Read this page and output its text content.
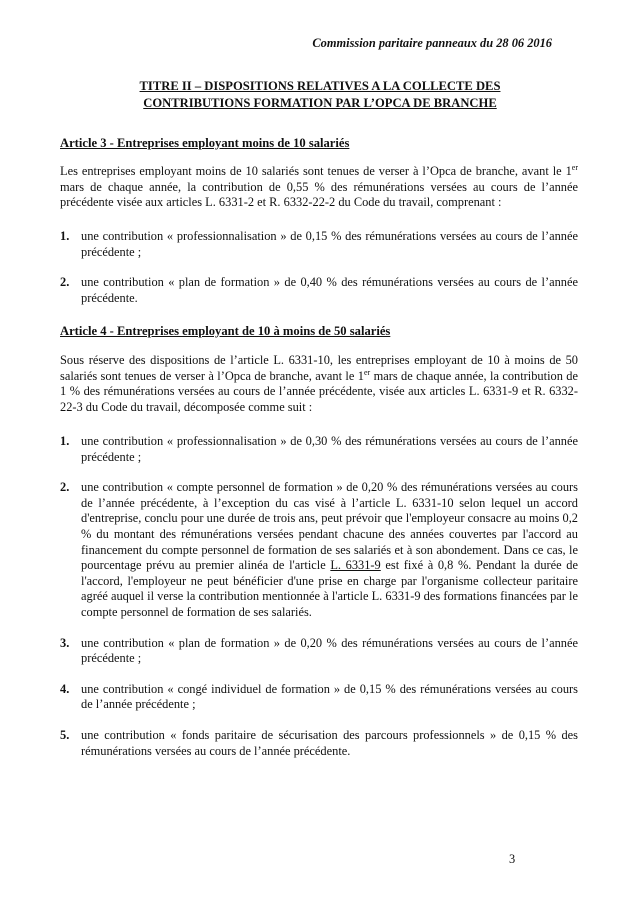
Commission paritaire panneaux du 28 06 2016
TITRE II – DISPOSITIONS RELATIVES A LA COLLECTE DES
CONTRIBUTIONS FORMATION PAR L’OPCA DE BRANCHE
Article 3 - Entreprises employant moins de 10 salariés

Les entreprises employant moins de 10 salariés sont tenues de verser à l’Opca de branche, avant le 1er mars de chaque année, la contribution de 0,55 % des rémunérations versées au cours de l’année précédente visée aux articles L. 6331-2 et R. 6332-22-2 du Code du travail, comprenant :

1. une contribution « professionnalisation » de 0,15 % des rémunérations versées au cours de l’année précédente ;
2. une contribution « plan de formation » de 0,40 % des rémunérations versées au cours de l’année précédente.
Article 4 - Entreprises employant de 10 à moins de 50 salariés

Sous réserve des dispositions de l’article L. 6331-10, les entreprises employant de 10 à moins de 50 salariés sont tenues de verser à l’Opca de branche, avant le 1er mars de chaque année, la contribution de 1 % des rémunérations versées au cours de l’année précédente, visée aux articles L. 6331-9 et R. 6332-22-3 du Code du travail, décomposée comme suit :

1. une contribution « professionnalisation » de 0,30 % des rémunérations versées au cours de l’année précédente ;
2. une contribution « compte personnel de formation » de 0,20 % des rémunérations versées au cours de l’année précédente, à l’exception du cas visé à l’article L. 6331-10 selon lequel un accord d'entreprise, conclu pour une durée de trois ans, peut prévoir que l'employeur consacre au moins 0,2 % du montant des rémunérations versées pendant chacune des années couvertes par l'accord au financement du compte personnel de formation de ses salariés et à son abondement. Dans ce cas, le pourcentage prévu au premier alinéa de l'article L. 6331-9 est fixé à 0,8 %. Pendant la durée de l'accord, l'employeur ne peut bénéficier d'une prise en charge par l'organisme collecteur paritaire agréé auquel il verse la contribution mentionnée à l'article L. 6331-9 des formations financées par le compte personnel de formation de ses salariés.
3. une contribution « plan de formation » de 0,20 % des rémunérations versées au cours de l’année précédente ;
4. une contribution « congé individuel de formation » de 0,15 % des rémunérations versées au cours de l’année précédente ;
5. une contribution « fonds paritaire de sécurisation des parcours professionnels » de 0,15 % des rémunérations versées au cours de l’année précédente.
3
